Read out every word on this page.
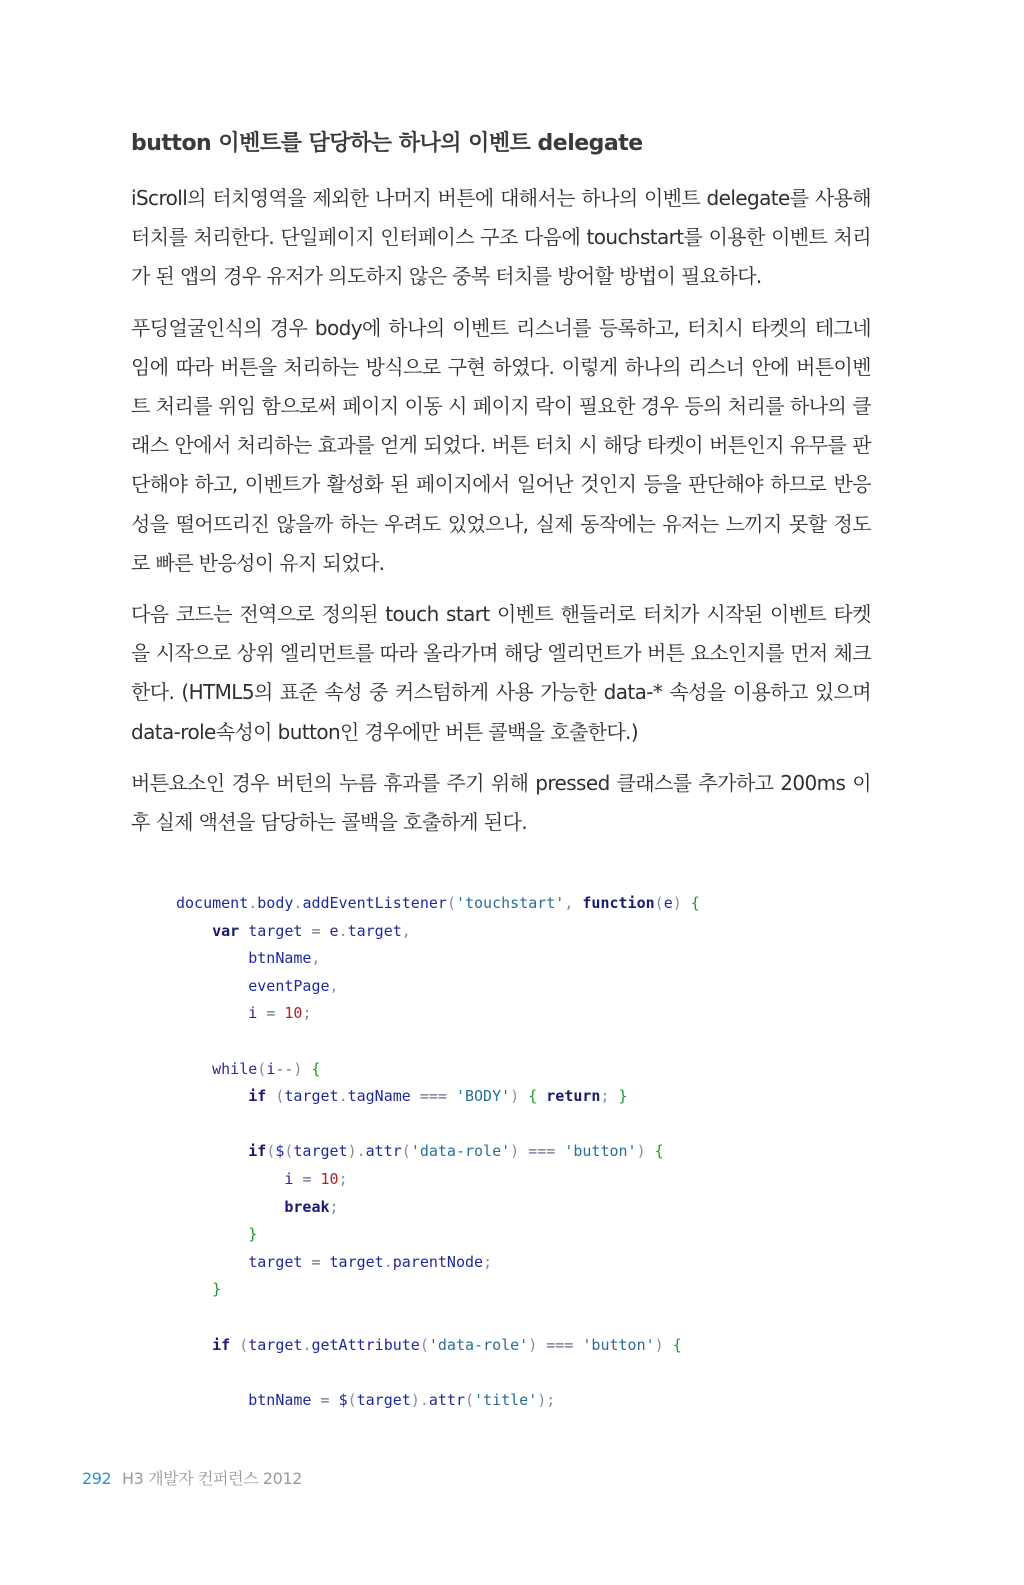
button 이벤트를 담당하는 하나의 이벤트 delegate

iScroll의 터치영역을 제외한 나머지 버튼에 대해서는 하나의 이벤트 delegate를 사용해 터치를 처리한다. 단일페이지 인터페이스 구조 다음에 touchstart를 이용한 이벤트 처리가 된 앱의 경우 유저가 의도하지 않은 중복 터치를 방어할 방법이 필요하다.

푸딩얼굴인식의 경우 body에 하나의 이벤트 리스너를 등록하고, 터치시 타켓의 테그네임에 따라 버튼을 처리하는 방식으로 구현 하였다. 이렇게 하나의 리스너 안에 버튼이벤트 처리를 위임 함으로써 페이지 이동 시 페이지 락이 필요한 경우 등의 처리를 하나의 클래스 안에서 처리하는 효과를 얻게 되었다. 버튼 터치 시 해당 타켓이 버튼인지 유무를 판단해야 하고, 이벤트가 활성화 된 페이지에서 일어난 것인지 등을 판단해야 하므로 반응성을 떨어뜨리진 않을까 하는 우려도 있었으나, 실제 동작에는 유저는 느끼지 못할 정도로 빠른 반응성이 유지 되었다.

다음 코드는 전역으로 정의된 touch start 이벤트 핸들러로 터치가 시작된 이벤트 타켓을 시작으로 상위 엘리먼트를 따라 올라가며 해당 엘리먼트가 버튼 요소인지를 먼저 체크한다. (HTML5의 표준 속성 중 커스텀하게 사용 가능한 data-* 속성을 이용하고 있으며 data-role속성이 button인 경우에만 버튼 콜백을 호출한다.)

버튼요소인 경우 버턴의 누름 휴과를 주기 위해 pressed 클래스를 추가하고 200ms 이후 실제 액션을 담당하는 콜백을 호출하게 된다.

document.body.addEventListener('touchstart', function(e) {
var target = e.target,
btnName,
eventPage,
i = 10;
while(i--) {
if (target.tagName === 'BODY') { return; }
if($(target).attr('data-role') === 'button') {
i = 10;
break;
}
target = target.parentNode;
}
if (target.getAttribute('data-role') === 'button') {
btnName = $(target).attr('title');
292 H3 개발자 컨퍼런스 2012
